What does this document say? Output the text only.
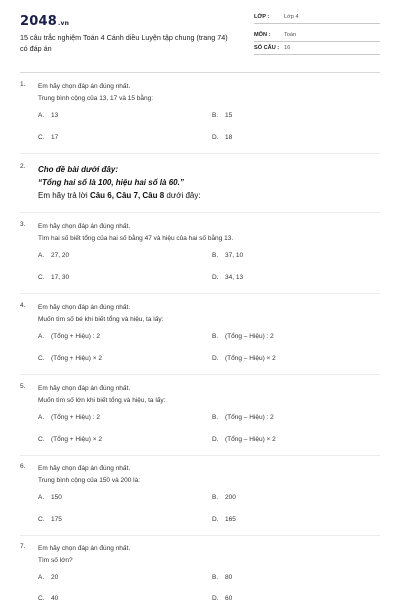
2048.vn
15 câu trắc nghiệm Toán 4 Cánh diều Luyện tập chung (trang 74) có đáp án
LỚP :	Lớp 4
MÔN : Toán
SỐ CÂU : 16
1. Em hãy chọn đáp án đúng nhất.
Trung bình cộng của 13, 17 và 15 bằng:
A. 13	B. 15
C. 17	D. 18
2. Cho đề bài dưới đây:
“Tổng hai số là 100, hiệu hai số là 60.”
Em hãy trả lời Câu 6, Câu 7, Câu 8 dưới đây:
3. Em hãy chọn đáp án đúng nhất.
Tìm hai số biết tổng của hai số bằng 47 và hiệu của hai số bằng 13.
A. 27, 20	B. 37, 10
C. 17, 30	D. 34, 13
4. Em hãy chọn đáp án đúng nhất.
Muốn tìm số bé khi biết tổng và hiệu, ta lấy:
A. (Tổng + Hiệu) : 2	B. (Tổng – Hiệu) : 2
C. (Tổng + Hiệu) × 2	D. (Tổng – Hiệu) × 2
5. Em hãy chọn đáp án đúng nhất.
Muốn tìm số lớn khi biết tổng và hiệu, ta lấy:
A. (Tổng + Hiệu) : 2	B. (Tổng – Hiệu) : 2
C. (Tổng + Hiệu) × 2	D. (Tổng – Hiệu) × 2
6. Em hãy chọn đáp án đúng nhất.
Trung bình cộng của 150 và 200 là:
A. 150	B. 200
C. 175	D. 165
7. Em hãy chọn đáp án đúng nhất.
Tìm số lớn?
A. 20	B. 80
C. 40	D. 60
